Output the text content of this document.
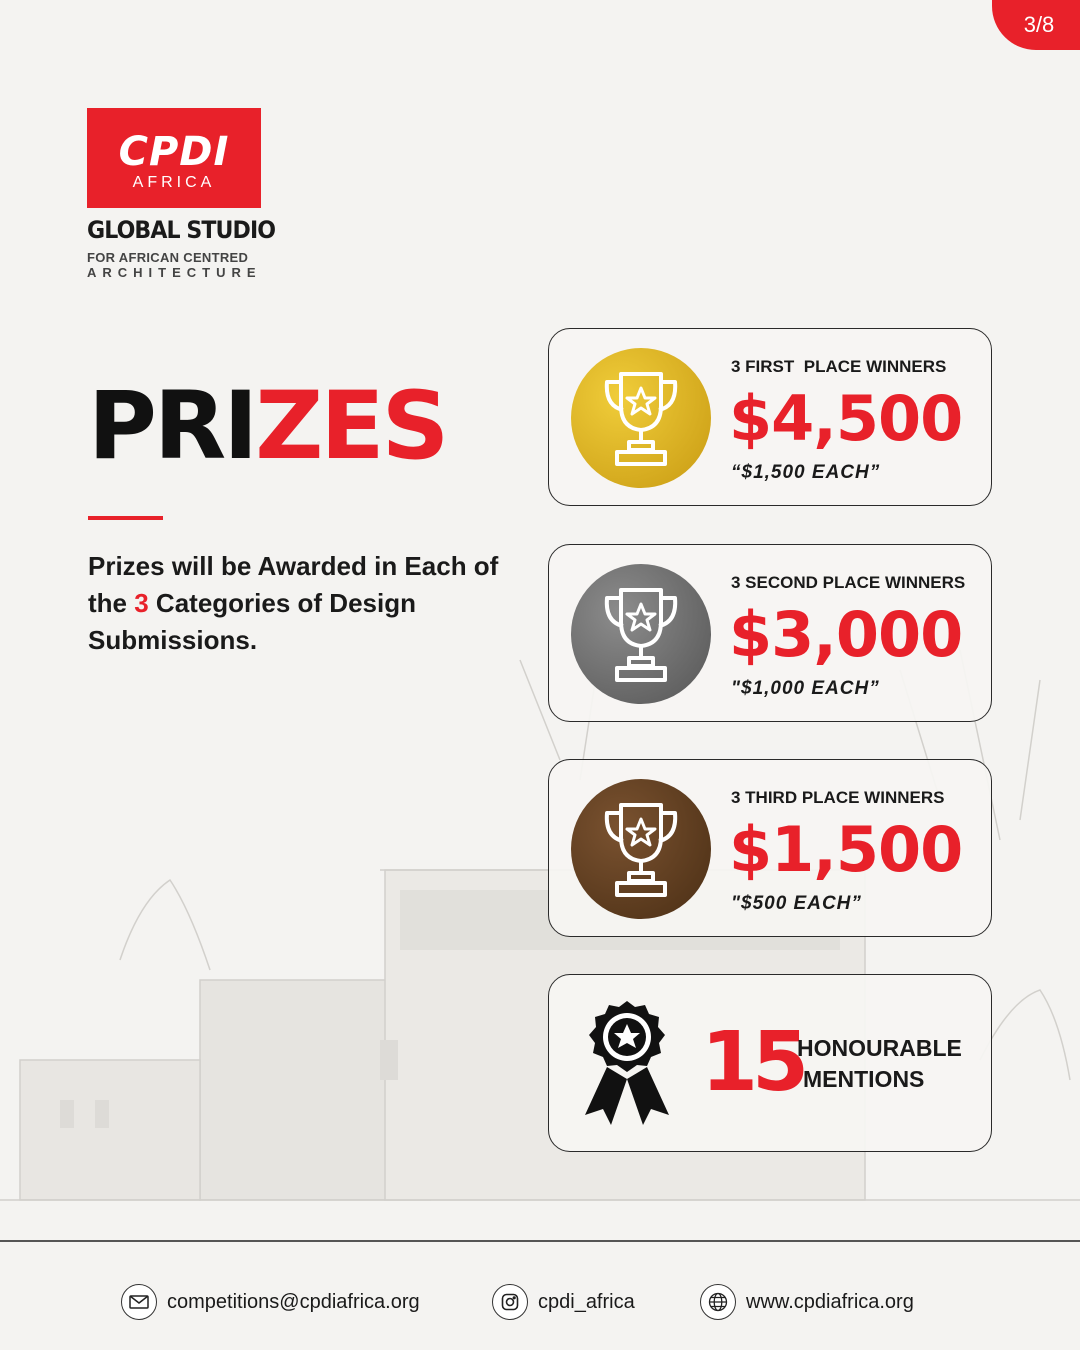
3/8
CPDI
AFRICA
GLOBAL STUDIO
FOR AFRICAN CENTRED
ARCHITECTURE
PRIZES
Prizes will be Awarded in Each of the 3 Categories of Design Submissions.
3 FIRST  PLACE WINNERS
$4,500
“$1,500 EACH”
3 SECOND PLACE WINNERS
$3,000
"$1,000 EACH”
3 THIRD PLACE WINNERS
$1,500
"$500 EACH”
15
HONOURABLE
MENTIONS
competitions@cpdiafrica.org	cpdi_africa	www.cpdiafrica.org
